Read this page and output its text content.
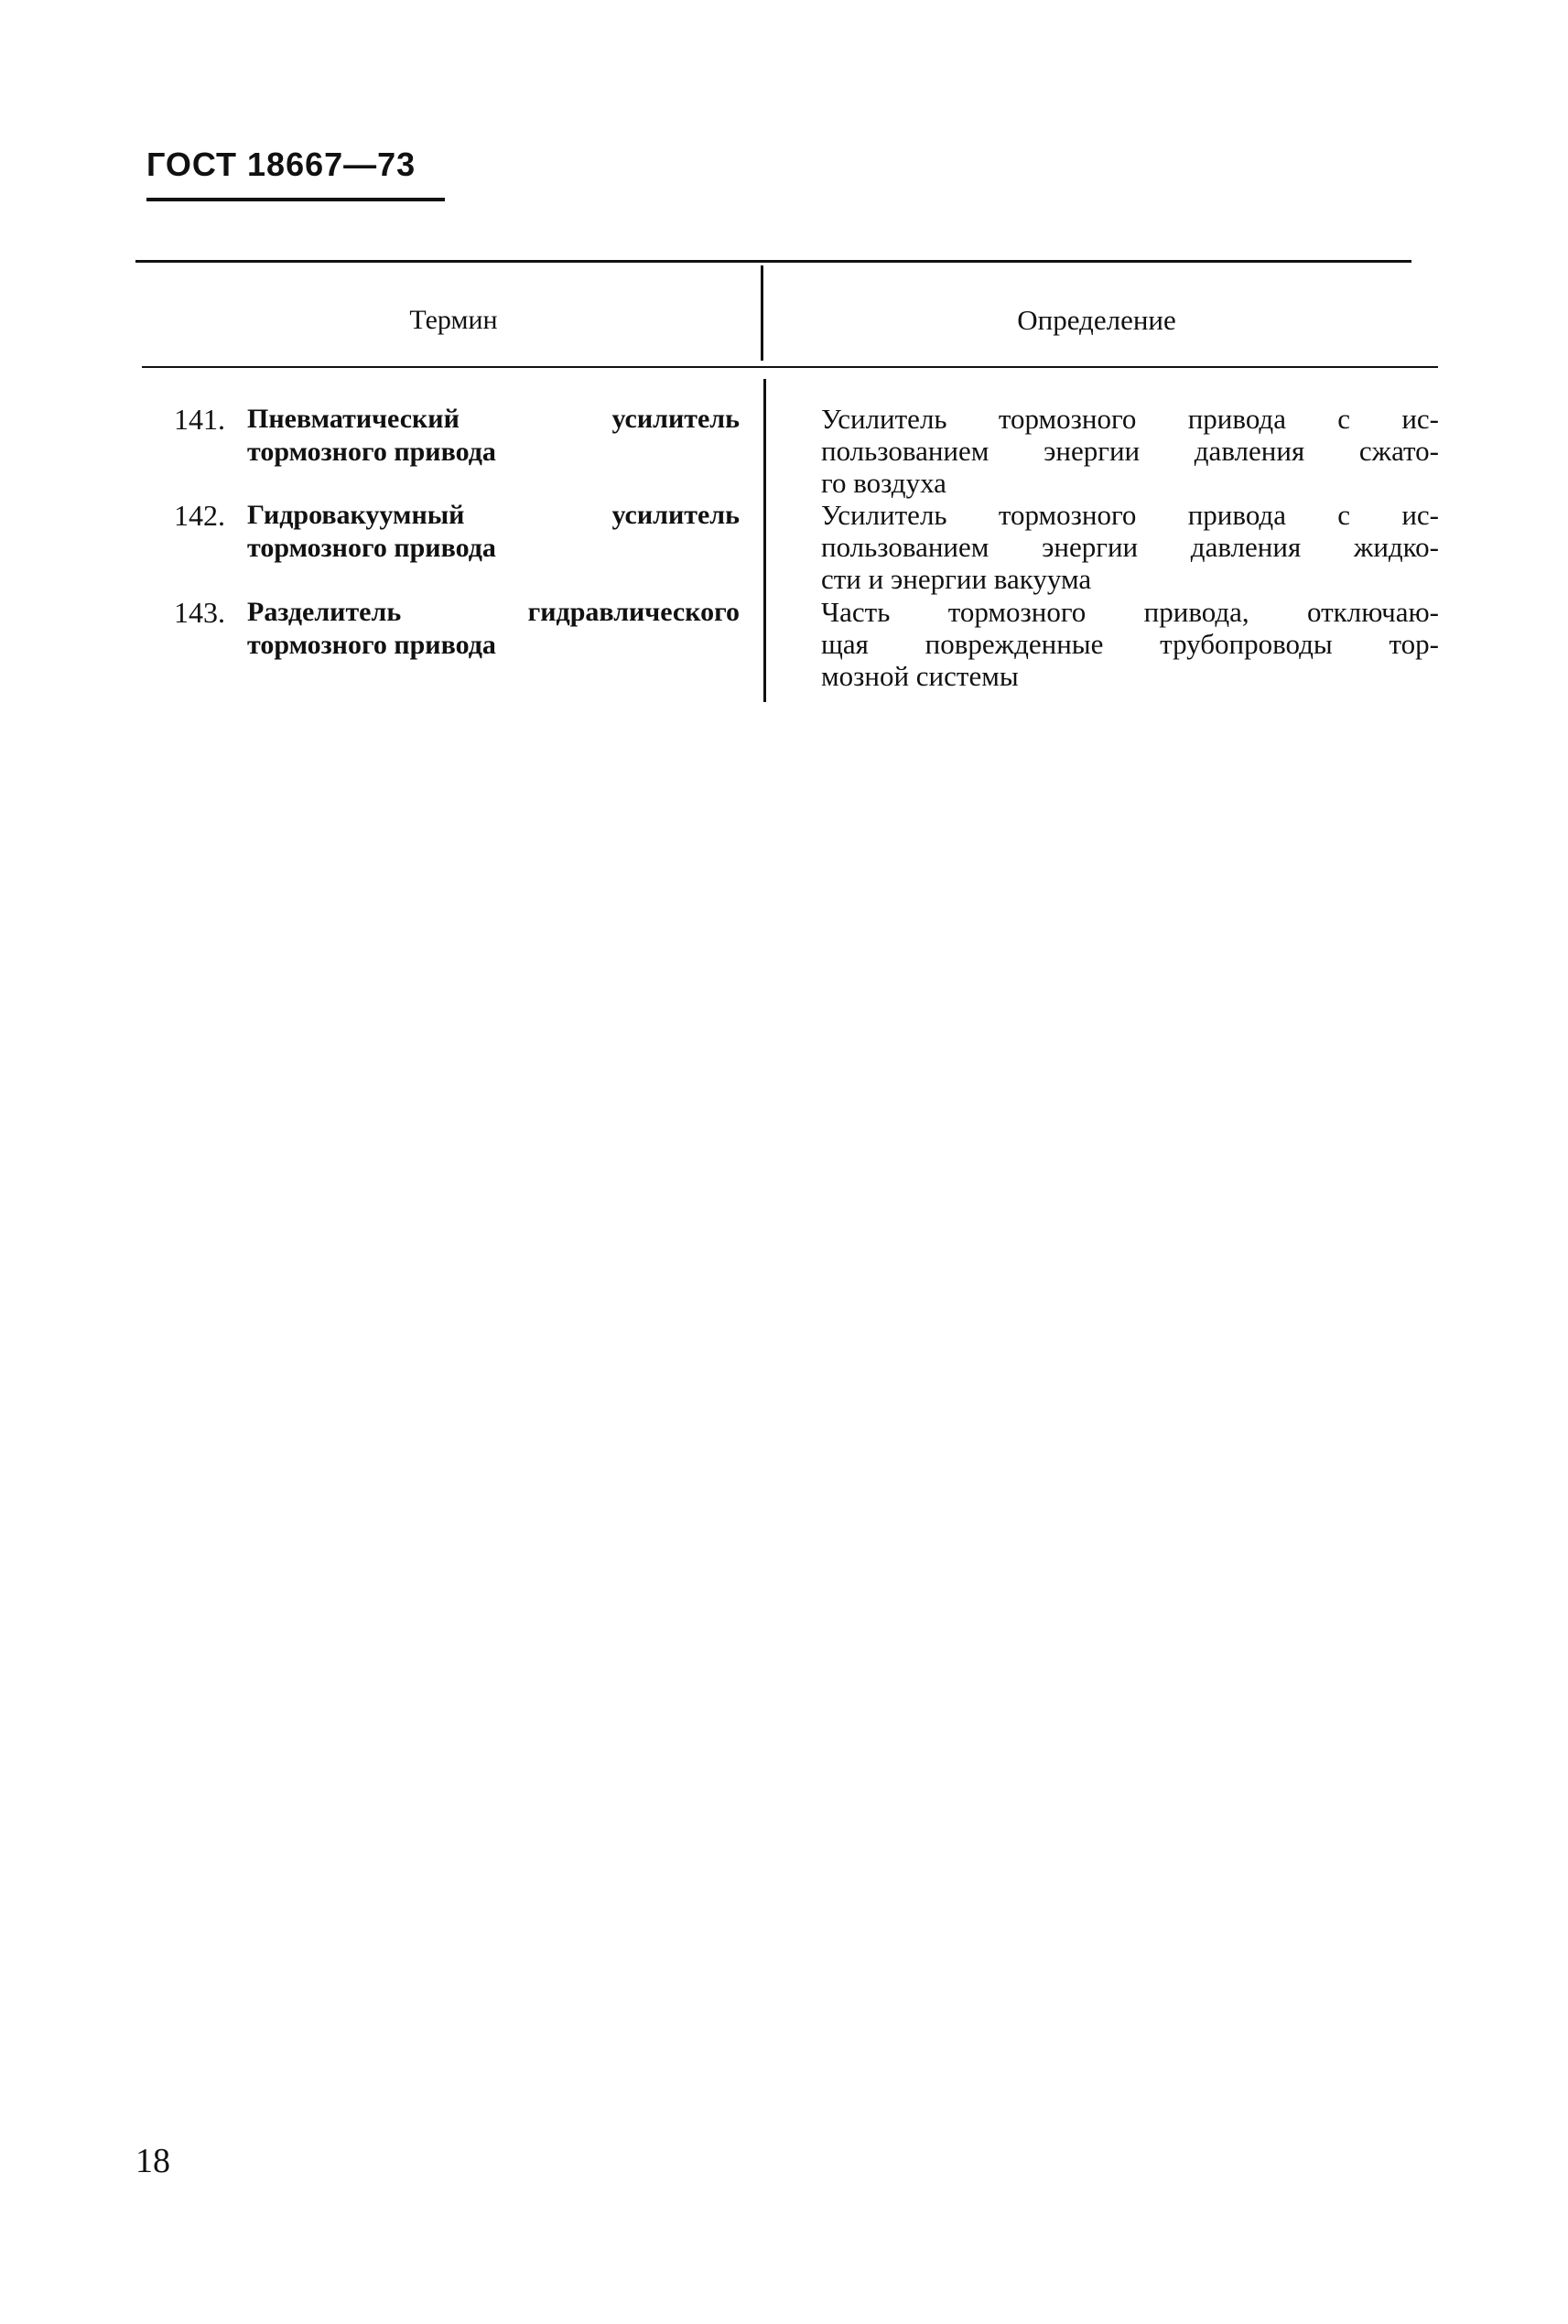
ГОСТ 18667—73
Термин	Определение
141. Пневматический усилитель
тормозного привода
Усилитель тормозного привода с ис-
пользованием энергии давления сжато-
го воздуха
142. Гидровакуумный усилитель
тормозного привода
Усилитель тормозного привода с ис-
пользованием энергии давления жидко-
сти и энергии вакуума
143. Разделитель гидравлического
тормозного привода
Часть тормозного привода, отключаю-
щая поврежденные трубопроводы тор-
мозной системы
18
